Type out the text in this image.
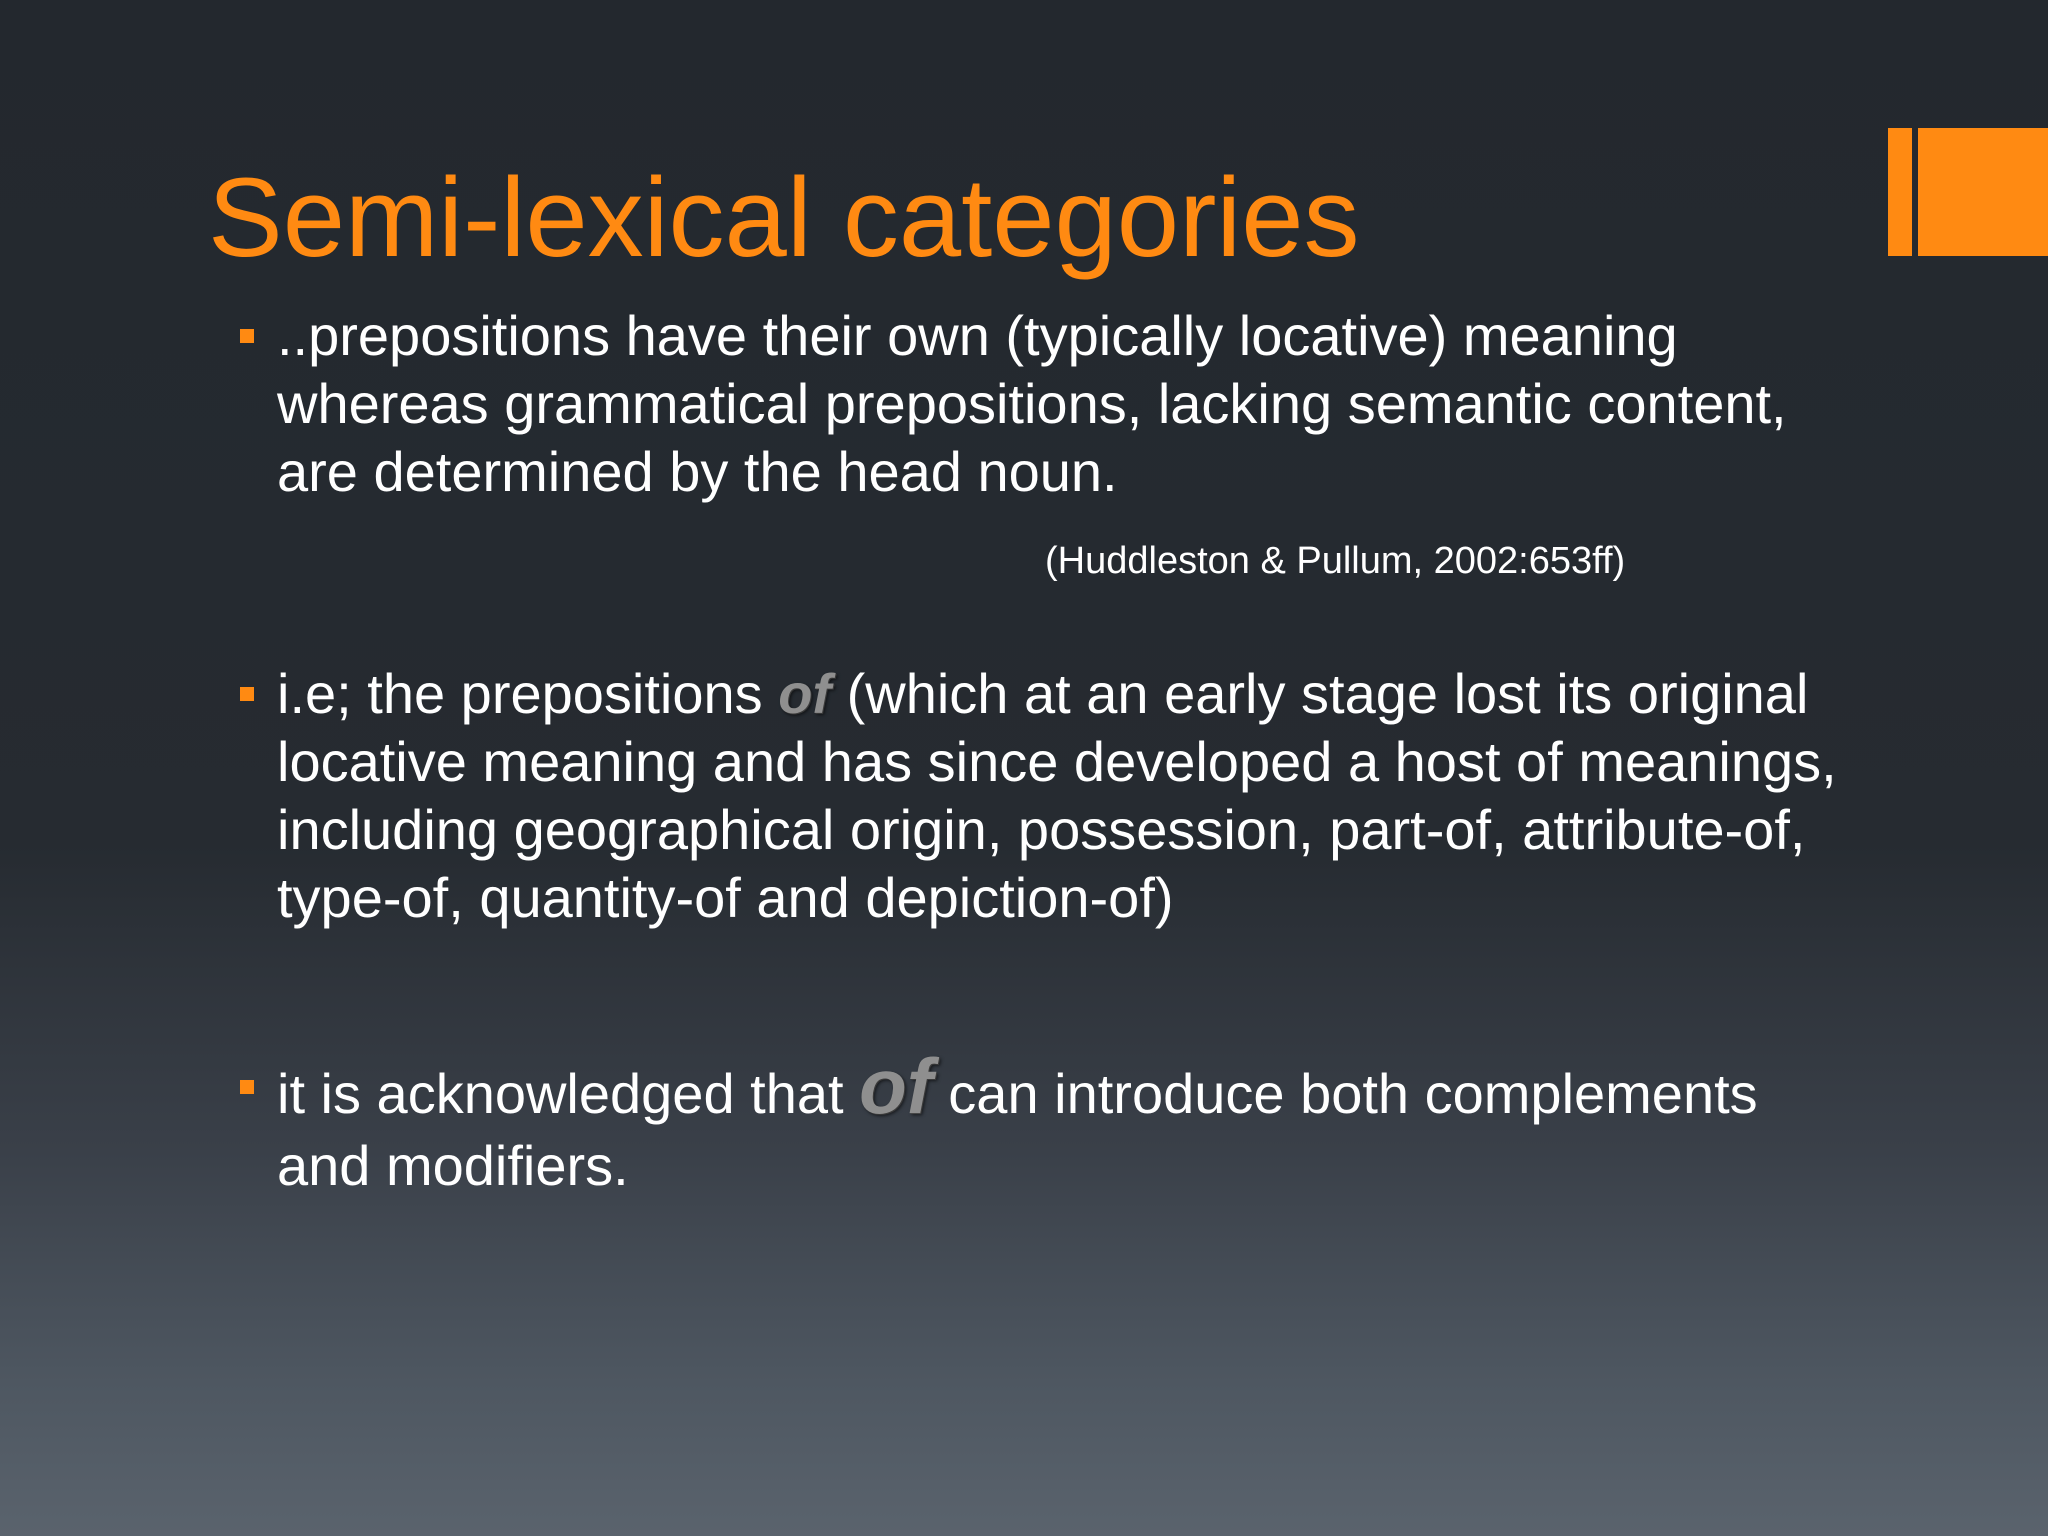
Semi-lexical categories
..prepositions have their own (typically locative) meaning whereas grammatical prepositions, lacking semantic content, are determined by the head noun.
(Huddleston & Pullum, 2002:653ff)
i.e; the prepositions of (which at an early stage lost its original locative meaning and has since developed a host of meanings, including geographical origin, possession, part-of, attribute-of, type-of, quantity-of and depiction-of)
it is acknowledged that of can introduce both complements and modifiers.
